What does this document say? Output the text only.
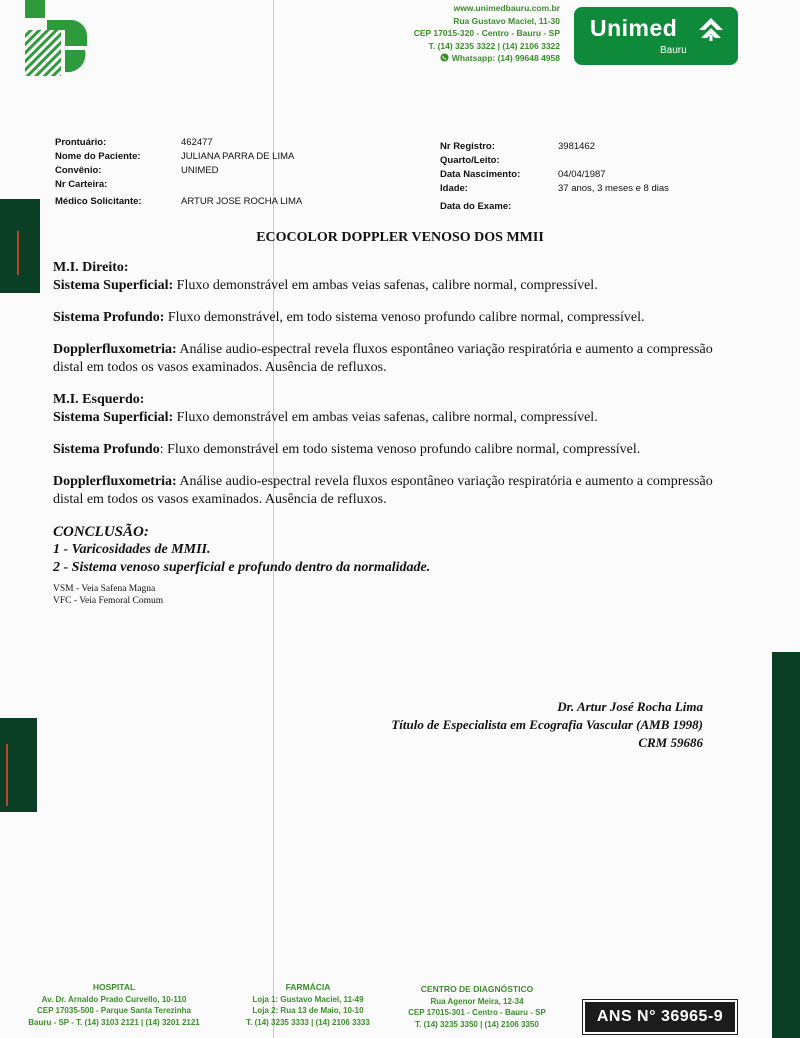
www.unimedbauru.com.br
Rua Gustavo Maciel, 11-30
CEP 17015-320 - Centro - Bauru - SP
T. (14) 3235 3322 | (14) 2106 3322
Whatsapp: (14) 99648 4958
Unimed
Bauru
Prontuário:
Nome do Paciente:
Convênio:
Nr Carteira:
Médico Solicitante:
462477
JULIANA PARRA DE LIMA
UNIMED
ARTUR JOSE ROCHA LIMA
Nr Registro:
Quarto/Leito:
Data Nascimento:
Idade:
Data do Exame:
3981462
04/04/1987
37 anos, 3 meses e 8 dias
ECOCOLOR DOPPLER VENOSO DOS MMII

M.I. Direito:

Sistema Superficial: Fluxo demonstrável em ambas veias safenas, calibre normal, compressível.

Sistema Profundo: Fluxo demonstrável, em todo sistema venoso profundo calibre normal, compressível.

Dopplerfluxometria: Análise audio-espectral revela fluxos espontâneo variação respiratória e aumento a compressão distal em todos os vasos examinados. Ausência de refluxos.

M.I. Esquerdo:

Sistema Superficial: Fluxo demonstrável em ambas veias safenas, calibre normal, compressível.

Sistema Profundo: Fluxo demonstrável em todo sistema venoso profundo calibre normal, compressível.

Dopplerfluxometria: Análise audio-espectral revela fluxos espontâneo variação respiratória e aumento a compressão distal em todos os vasos examinados. Ausência de refluxos.

CONCLUSÃO:

1 - Varicosidades de MMII.

2 - Sistema venoso superficial e profundo dentro da normalidade.

VSM - Veia Safena Magna

VFC - Veia Femoral Comum

Dr. Artur José Rocha Lima
Título de Especialista em Ecografia Vascular (AMB 1998)
CRM 59686
HOSPITAL
Av. Dr. Arnaldo Prado Curvello, 10-110
CEP 17035-500 - Parque Santa Terezinha
Bauru - SP - T. (14) 3103 2121 | (14) 3201 2121
FARMÁCIA
Loja 1: Gustavo Maciel, 11-49
Loja 2: Rua 13 de Maio, 10-10
T. (14) 3235 3333 | (14) 2106 3333
CENTRO DE DIAGNÓSTICO
Rua Agenor Meira, 12-34
CEP 17015-301 - Centro - Bauru - SP
T. (14) 3235 3350 | (14) 2106 3350	ANS N° 36965-9
